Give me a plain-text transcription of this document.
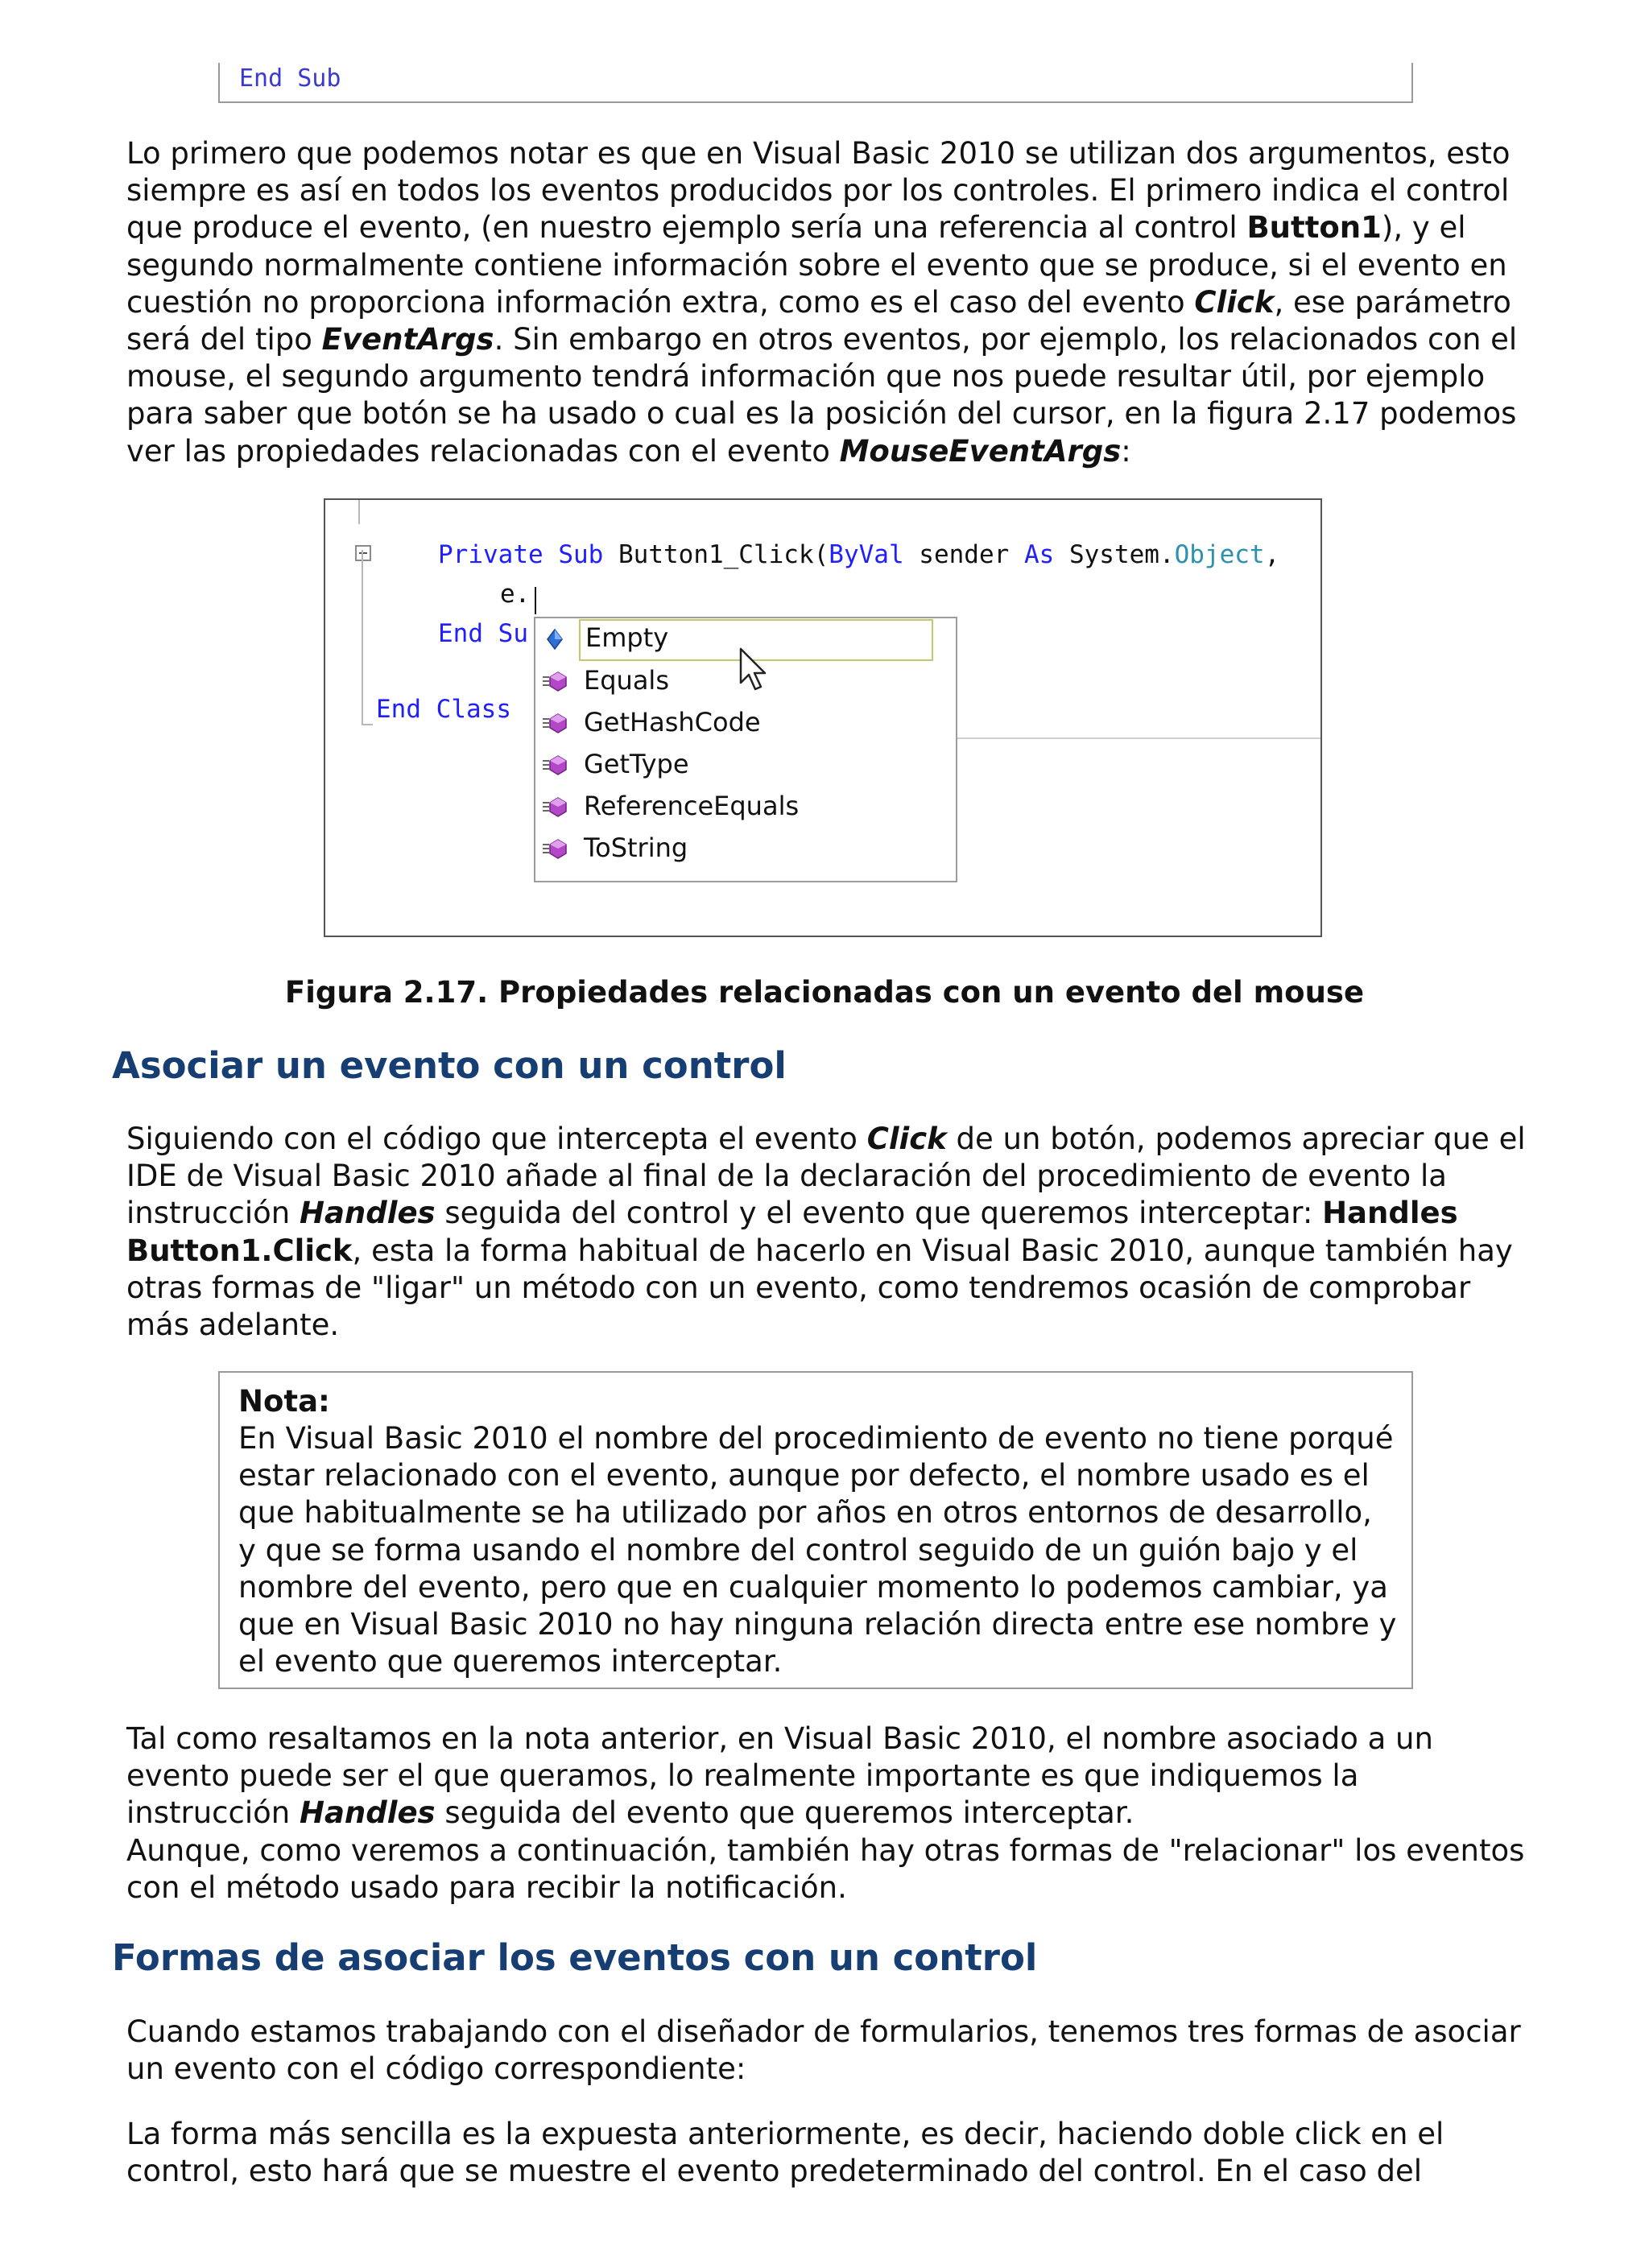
End Sub

Lo primero que podemos notar es que en Visual Basic 2010 se utilizan dos argumentos, esto siempre es así en todos los eventos producidos por los controles. El primero indica el control que produce el evento, (en nuestro ejemplo sería una referencia al control Button1), y el segundo normalmente contiene información sobre el evento que se produce, si el evento en cuestión no proporciona información extra, como es el caso del evento Click, ese parámetro será del tipo EventArgs. Sin embargo en otros eventos, por ejemplo, los relacionados con el mouse, el segundo argumento tendrá información que nos puede resultar útil, por ejemplo para saber que botón se ha usado o cual es la posición del cursor, en la figura 2.17 podemos ver las propiedades relacionadas con el evento MouseEventArgs:

Private Sub Button1_Click(ByVal sender As System.Object,
e.
End Su
End Class
Empty
Equals
GetHashCode
GetType
ReferenceEquals
ToString

Figura 2.17. Propiedades relacionadas con un evento del mouse

Asociar un evento con un control

Siguiendo con el código que intercepta el evento Click de un botón, podemos apreciar que el IDE de Visual Basic 2010 añade al final de la declaración del procedimiento de evento la instrucción Handles seguida del control y el evento que queremos interceptar: Handles Button1.Click, esta la forma habitual de hacerlo en Visual Basic 2010, aunque también hay otras formas de "ligar" un método con un evento, como tendremos ocasión de comprobar más adelante.

Nota:

En Visual Basic 2010 el nombre del procedimiento de evento no tiene porqué estar relacionado con el evento, aunque por defecto, el nombre usado es el que habitualmente se ha utilizado por años en otros entornos de desarrollo, y que se forma usando el nombre del control seguido de un guión bajo y el nombre del evento, pero que en cualquier momento lo podemos cambiar, ya que en Visual Basic 2010 no hay ninguna relación directa entre ese nombre y el evento que queremos interceptar.

Tal como resaltamos en la nota anterior, en Visual Basic 2010, el nombre asociado a un evento puede ser el que queramos, lo realmente importante es que indiquemos la instrucción Handles seguida del evento que queremos interceptar.
Aunque, como veremos a continuación, también hay otras formas de "relacionar" los eventos con el método usado para recibir la notificación.

Formas de asociar los eventos con un control

Cuando estamos trabajando con el diseñador de formularios, tenemos tres formas de asociar un evento con el código correspondiente:

La forma más sencilla es la expuesta anteriormente, es decir, haciendo doble click en el control, esto hará que se muestre el evento predeterminado del control. En el caso del
